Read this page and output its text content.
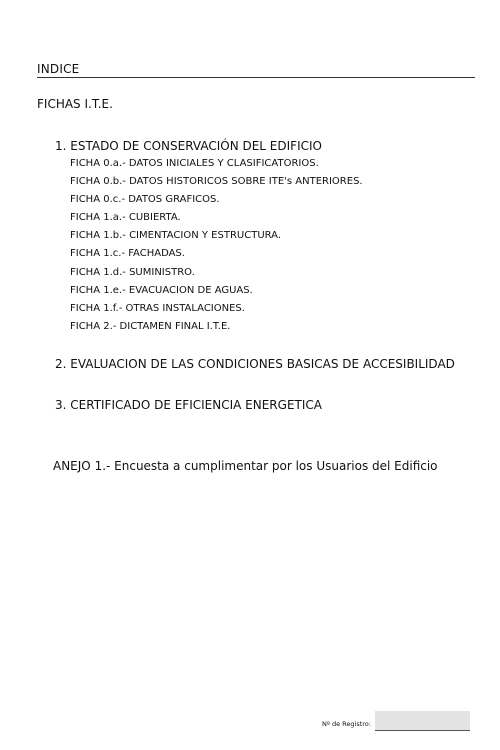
INDICE
FICHAS I.T.E.
1. ESTADO DE CONSERVACIÓN DEL EDIFICIO
FICHA 0.a.- DATOS INICIALES Y CLASIFICATORIOS.
FICHA 0.b.- DATOS HISTORICOS SOBRE ITE's ANTERIORES.
FICHA 0.c.- DATOS GRAFICOS.
FICHA 1.a.- CUBIERTA.
FICHA 1.b.- CIMENTACION Y ESTRUCTURA.
FICHA 1.c.- FACHADAS.
FICHA 1.d.- SUMINISTRO.
FICHA 1.e.- EVACUACION DE AGUAS.
FICHA 1.f.- OTRAS INSTALACIONES.
FICHA 2.- DICTAMEN FINAL I.T.E.
2. EVALUACION DE LAS CONDICIONES BASICAS DE ACCESIBILIDAD
3. CERTIFICADO DE EFICIENCIA ENERGETICA
ANEJO 1.- Encuesta a cumplimentar por los Usuarios del Edificio
Nº de Registro:
